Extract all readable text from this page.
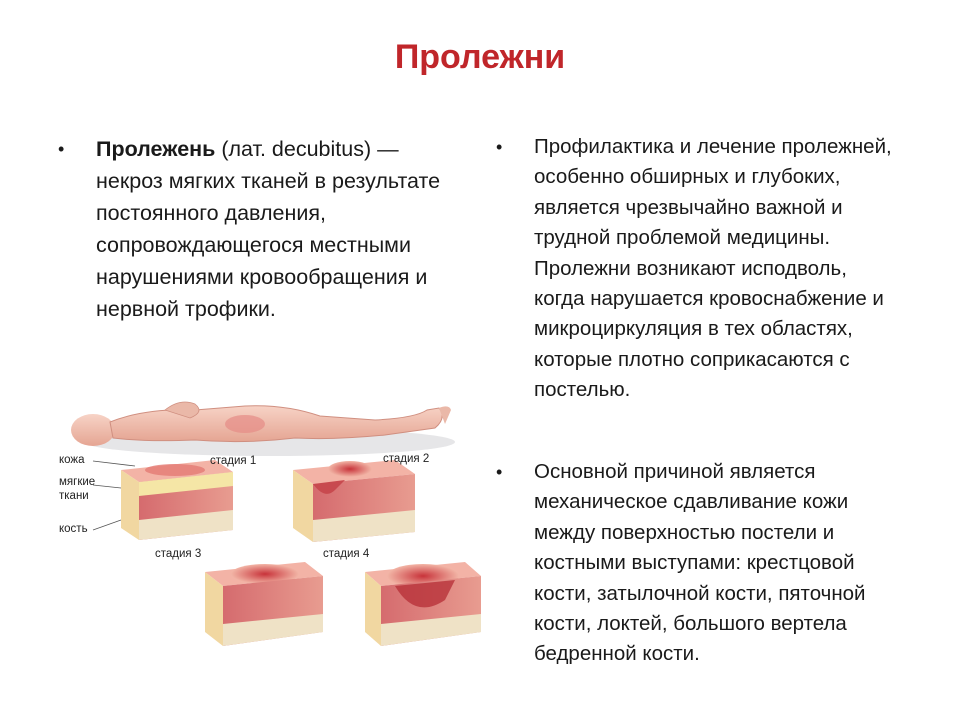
Пролежни
• Пролежень (лат. decubitus) — некроз мягких тканей в результате постоянного давления, сопровождающегося местными нарушениями кровообращения и нервной трофики.
• Профилактика и лечение пролежней, особенно обширных и глубоких, является чрезвычайно важной и трудной проблемой медицины. Пролежни возникают исподволь, когда нарушается кровоснабжение и микроциркуляция в тех областях, которые плотно соприкасаются с постелью.
• Основной причиной является механическое сдавливание кожи между поверхностью постели и костными выступами: крестцовой кости, затылочной кости, пяточной кости, локтей, большого вертела бедренной кости.
кожа
мягкие
ткани
кость
стадия 1	стадия 2
стадия 3	стадия 4
